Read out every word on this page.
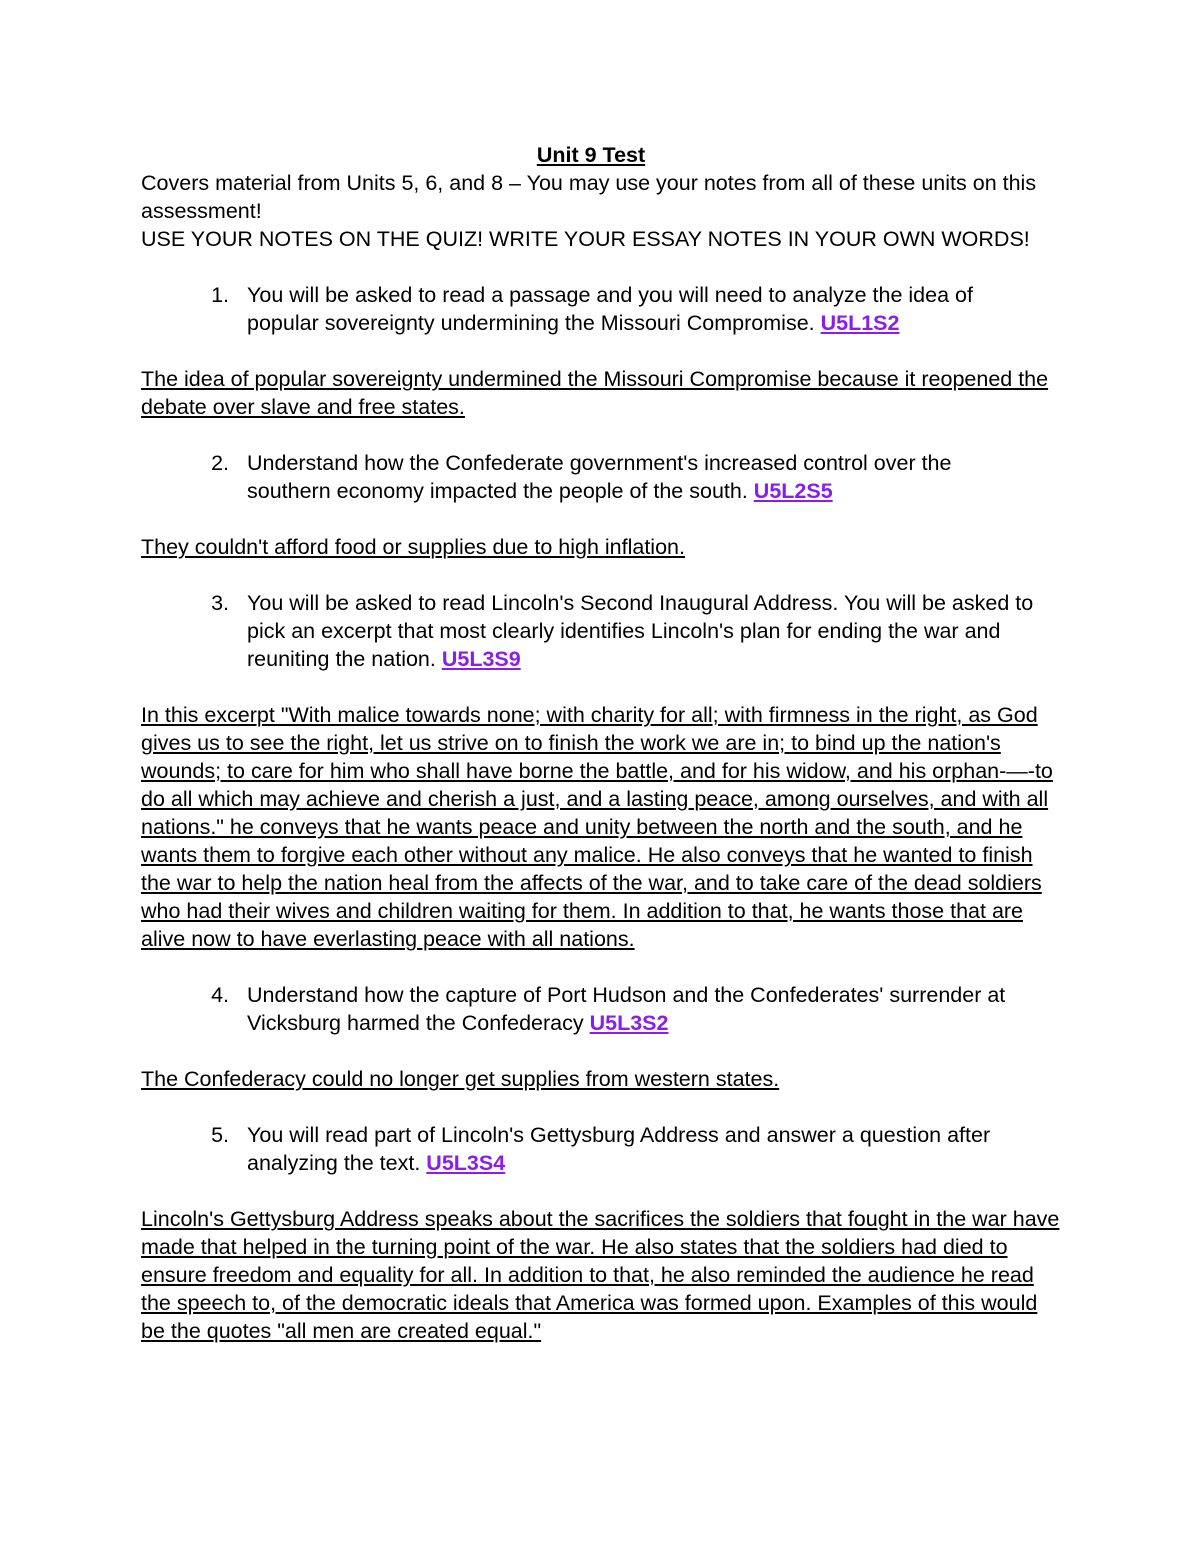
Unit 9 Test

Covers material from Units 5, 6, and 8 – You may use your notes from all of these units on this assessment!

USE YOUR NOTES ON THE QUIZ! WRITE YOUR ESSAY NOTES IN YOUR OWN WORDS!

1. You will be asked to read a passage and you will need to analyze the idea of popular sovereignty undermining the Missouri Compromise. U5L1S2

The idea of popular sovereignty undermined the Missouri Compromise because it reopened the debate over slave and free states.

2. Understand how the Confederate government's increased control over the southern economy impacted the people of the south. U5L2S5

They couldn't afford food or supplies due to high inflation.

3. You will be asked to read Lincoln's Second Inaugural Address. You will be asked to pick an excerpt that most clearly identifies Lincoln's plan for ending the war and reuniting the nation. U5L3S9

In this excerpt "With malice towards none; with charity for all; with firmness in the right, as God gives us to see the right, let us strive on to finish the work we are in; to bind up the nation's wounds; to care for him who shall have borne the battle, and for his widow, and his orphan-—-to do all which may achieve and cherish a just, and a lasting peace, among ourselves, and with all nations." he conveys that he wants peace and unity between the north and the south, and he wants them to forgive each other without any malice. He also conveys that he wanted to finish the war to help the nation heal from the affects of the war, and to take care of the dead soldiers who had their wives and children waiting for them. In addition to that, he wants those that are alive now to have everlasting peace with all nations.

4. Understand how the capture of Port Hudson and the Confederates' surrender at Vicksburg harmed the Confederacy U5L3S2

The Confederacy could no longer get supplies from western states.

5. You will read part of Lincoln's Gettysburg Address and answer a question after analyzing the text. U5L3S4

Lincoln's Gettysburg Address speaks about the sacrifices the soldiers that fought in the war have made that helped in the turning point of the war. He also states that the soldiers had died to ensure freedom and equality for all. In addition to that, he also reminded the audience he read the speech to, of the democratic ideals that America was formed upon. Examples of this would be the quotes "all men are created equal."
